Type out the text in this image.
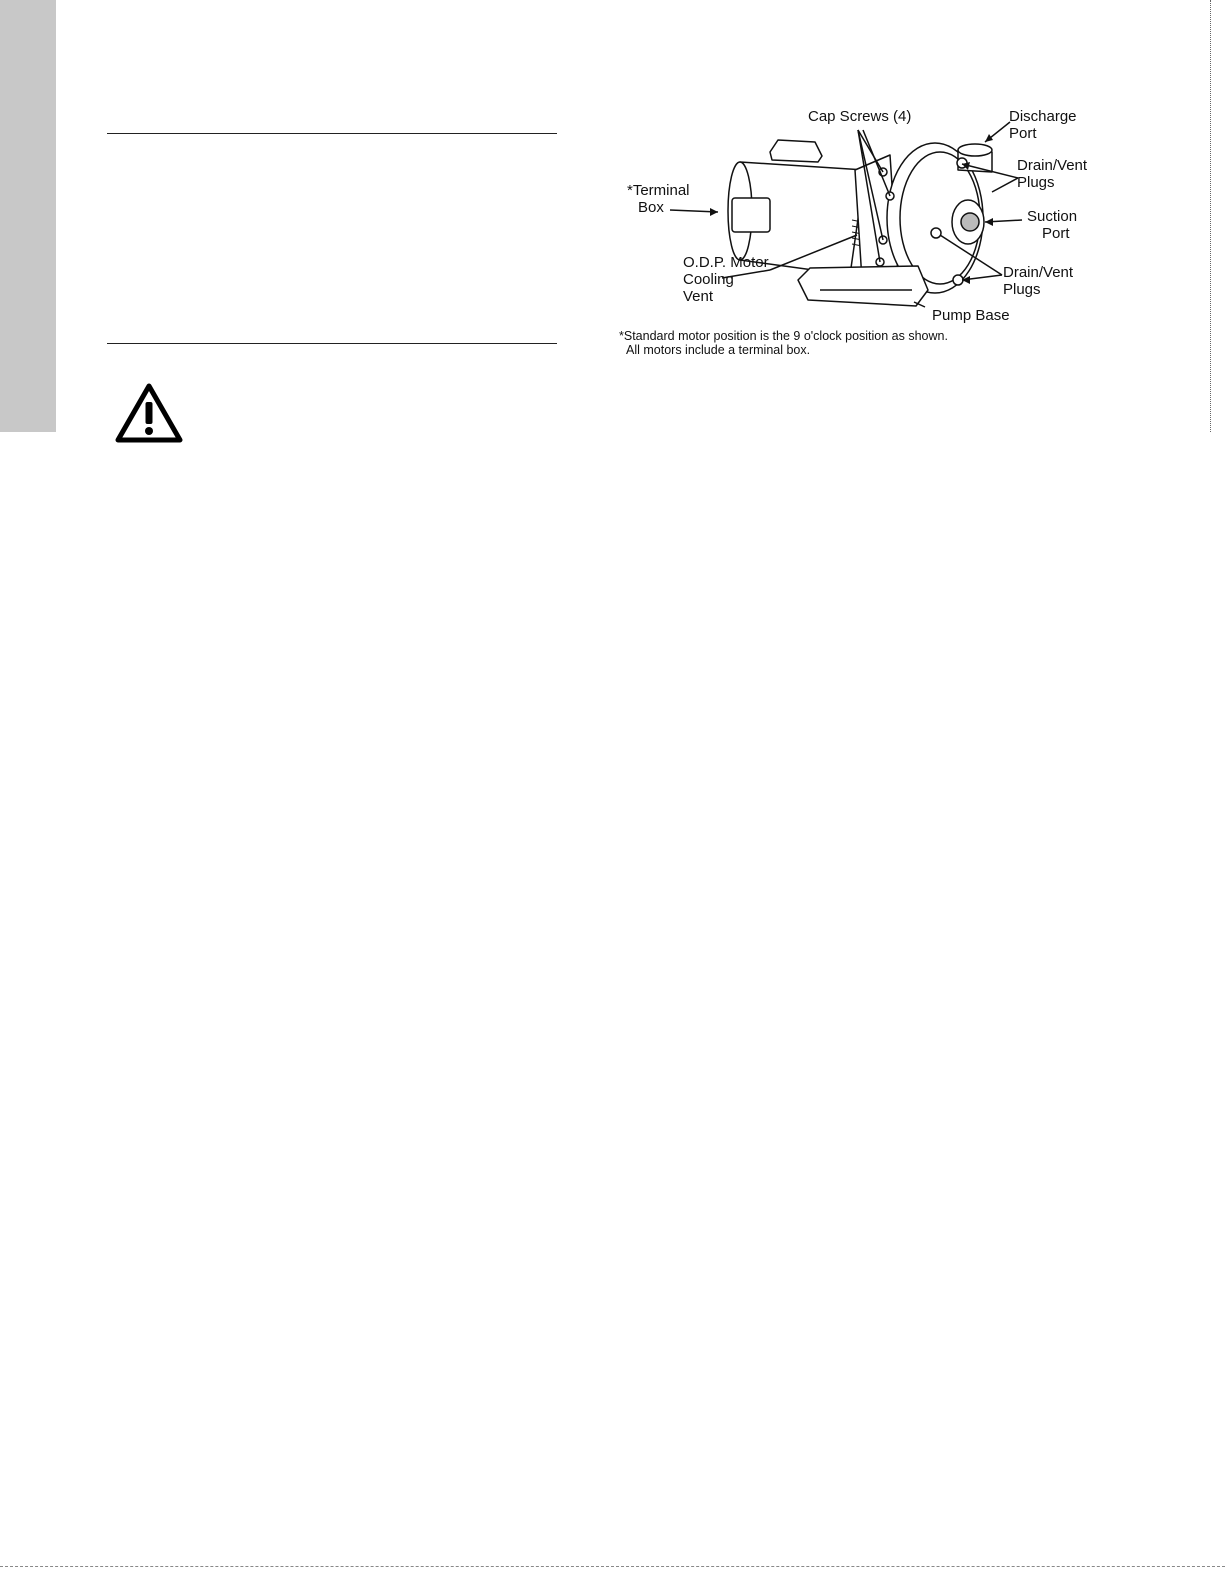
Cap Screws (4)	Discharge
Port
Drain/Vent
Plugs
*Terminal
Box
Suction
Port
O.D.P. Motor
Cooling
Vent
Drain/Vent
Plugs
Pump Base
*Standard motor position is the 9 o'clock position as shown.
All motors include a terminal box.
